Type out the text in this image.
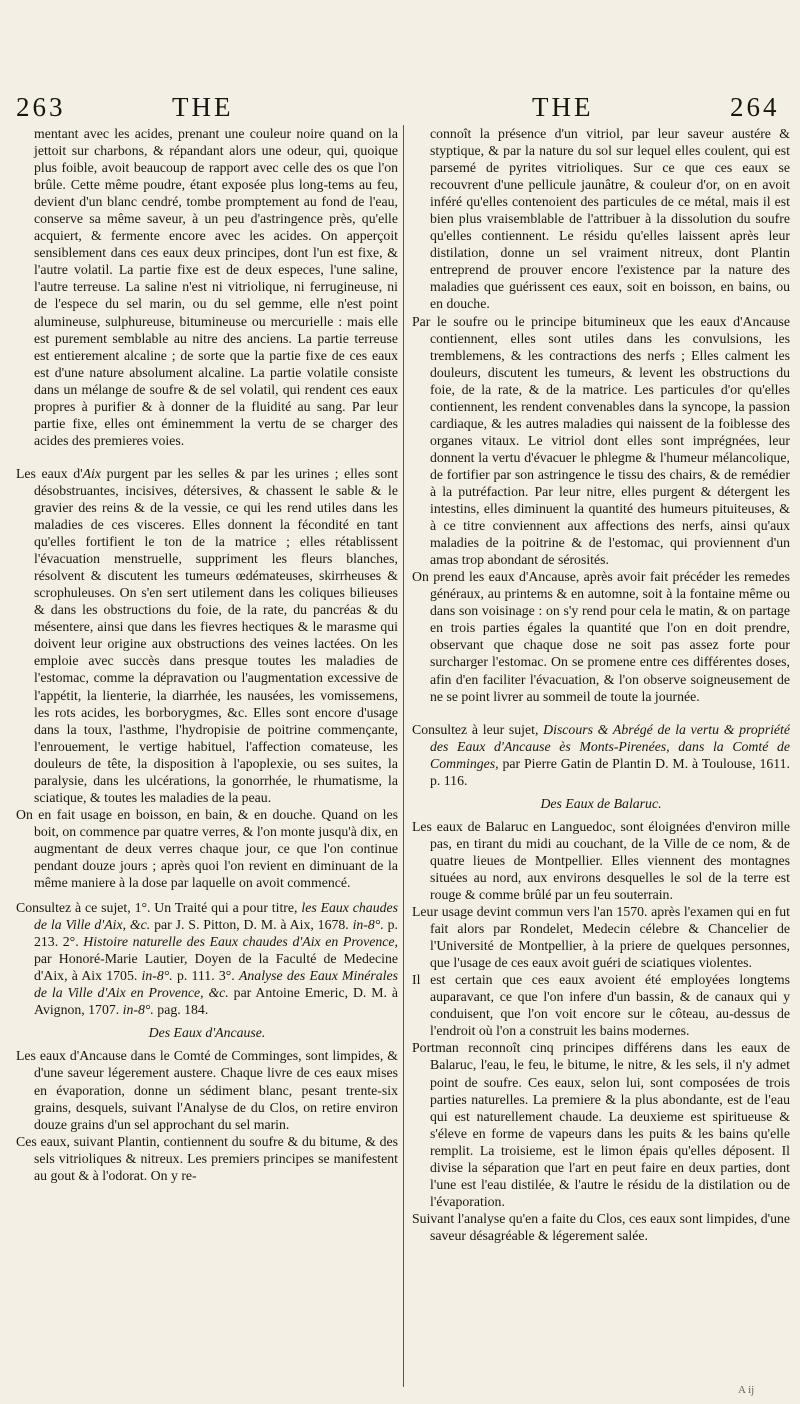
263	THE	THE	264

mentant avec les acides, prenant une couleur noire quand on la jettoit sur charbons, & répandant alors une odeur, qui, quoique plus foible, avoit beaucoup de rapport avec celle des os que l'on brûle. Cette même poudre, étant exposée plus long-tems au feu, devient d'un blanc cendré, tombe promptement au fond de l'eau, conserve sa même saveur, à un peu d'astringence près, qu'elle acquiert, & fermente encore avec les acides. On apperçoit sensiblement dans ces eaux deux principes, dont l'un est fixe, & l'autre volatil. La partie fixe est de deux especes, l'une saline, l'autre terreuse. La saline n'est ni vitriolique, ni ferrugineuse, ni de l'espece du sel marin, ou du sel gemme, elle n'est point alumineuse, sulphureuse, bitumineuse ou mercurielle : mais elle est purement semblable au nitre des anciens. La partie terreuse est entierement alcaline ; de sorte que la partie fixe de ces eaux est d'une nature absolument alcaline. La partie volatile consiste dans un mélange de soufre & de sel volatil, qui rendent ces eaux propres à purifier & à donner de la fluidité au sang. Par leur partie fixe, elles ont éminemment la vertu de se charger des acides des premieres voies.

Les eaux d'Aix purgent par les selles & par les urines ; elles sont désobstruantes, incisives, détersives, & chassent le sable & le gravier des reins & de la vessie, ce qui les rend utiles dans les maladies de ces visceres. Elles donnent la fécondité en tant qu'elles fortifient le ton de la matrice ; elles rétablissent l'évacuation menstruelle, suppriment les fleurs blanches, résolvent & discutent les tumeurs œdémateuses, skirrheuses & scrophuleuses. On s'en sert utilement dans les coliques bilieuses & dans les obstructions du foie, de la rate, du pancréas & du mésentere, ainsi que dans les fievres hectiques & le marasme qui doivent leur origine aux obstructions des veines lactées. On les emploie avec succès dans presque toutes les maladies de l'estomac, comme la dépravation ou l'augmentation excessive de l'appétit, la lienterie, la diarrhée, les nausées, les vomissemens, les rots acides, les borborygmes, &c. Elles sont encore d'usage dans la toux, l'asthme, l'hydropisie de poitrine commençante, l'enrouement, le vertige habituel, l'affection comateuse, les douleurs de tête, la disposition à l'apoplexie, ou ses suites, la paralysie, dans les ulcérations, la gonorrhée, le rhumatisme, la sciatique, & toutes les maladies de la peau.

On en fait usage en boisson, en bain, & en douche. Quand on les boit, on commence par quatre verres, & l'on monte jusqu'à dix, en augmentant de deux verres chaque jour, ce que l'on continue pendant douze jours ; après quoi l'on revient en diminuant de la même maniere à la dose par laquelle on avoit commencé.

Consultez à ce sujet, 1°. Un Traité qui a pour titre, les Eaux chaudes de la Ville d'Aix, &c. par J. S. Pitton, D. M. à Aix, 1678. in-8°. p. 213. 2°. Histoire naturelle des Eaux chaudes d'Aix en Provence, par Honoré-Marie Lautier, Doyen de la Faculté de Medecine d'Aix, à Aix 1705. in-8°. p. 111. 3°. Analyse des Eaux Minérales de la Ville d'Aix en Provence, &c. par Antoine Emeric, D. M. à Avignon, 1707. in-8°. pag. 184.

Des Eaux d'Ancause.

Les eaux d'Ancause dans le Comté de Comminges, sont limpides, & d'une saveur légerement austere. Chaque livre de ces eaux mises en évaporation, donne un sédiment blanc, pesant trente-six grains, desquels, suivant l'Analyse de du Clos, on retire environ douze grains d'un sel approchant du sel marin.

Ces eaux, suivant Plantin, contiennent du soufre & du bitume, & des sels vitrioliques & nitreux. Les premiers principes se manifestent au gout & à l'odorat. On y re-

connoît la présence d'un vitriol, par leur saveur austére & styptique, & par la nature du sol sur lequel elles coulent, qui est parsemé de pyrites vitrioliques. Sur ce que ces eaux se recouvrent d'une pellicule jaunâtre, & couleur d'or, on en avoit inféré qu'elles contenoient des particules de ce métal, mais il est bien plus vraisemblable de l'attribuer à la dissolution du soufre qu'elles contiennent. Le résidu qu'elles laissent après leur distilation, donne un sel vraiment nitreux, dont Plantin entreprend de prouver encore l'existence par la nature des maladies que guérissent ces eaux, soit en boisson, en bains, ou en douche.

Par le soufre ou le principe bitumineux que les eaux d'Ancause contiennent, elles sont utiles dans les convulsions, les tremblemens, & les contractions des nerfs ; Elles calment les douleurs, discutent les tumeurs, & levent les obstructions du foie, de la rate, & de la matrice. Les particules d'or qu'elles contiennent, les rendent convenables dans la syncope, la passion cardiaque, & les autres maladies qui naissent de la foiblesse des organes vitaux. Le vitriol dont elles sont imprégnées, leur donnent la vertu d'évacuer le phlegme & l'humeur mélancolique, de fortifier par son astringence le tissu des chairs, & de remédier à la putréfaction. Par leur nitre, elles purgent & détergent les intestins, elles diminuent la quantité des humeurs pituiteuses, & à ce titre conviennent aux affections des nerfs, ainsi qu'aux maladies de la poitrine & de l'estomac, qui proviennent d'un amas trop abondant de sérosités.

On prend les eaux d'Ancause, après avoir fait précéder les remedes généraux, au printems & en automne, soit à la fontaine même ou dans son voisinage : on s'y rend pour cela le matin, & on partage en trois parties égales la quantité que l'on en doit prendre, observant que chaque dose ne soit pas assez forte pour surcharger l'estomac. On se promene entre ces différentes doses, afin d'en faciliter l'évacuation, & l'on observe soigneusement de ne se point livrer au sommeil de toute la journée.

Consultez à leur sujet, Discours & Abrégé de la vertu & propriété des Eaux d'Ancause ès Monts-Pirenées, dans la Comté de Comminges, par Pierre Gatin de Plantin D. M. à Toulouse, 1611. p. 116.

Des Eaux de Balaruc.

Les eaux de Balaruc en Languedoc, sont éloignées d'environ mille pas, en tirant du midi au couchant, de la Ville de ce nom, & de quatre lieues de Montpellier. Elles viennent des montagnes situées au nord, aux environs desquelles le sol de la terre est rouge & comme brûlé par un feu souterrain.

Leur usage devint commun vers l'an 1570. après l'examen qui en fut fait alors par Rondelet, Medecin célebre & Chancelier de l'Université de Montpellier, à la priere de quelques personnes, que l'usage de ces eaux avoit guéri de sciatiques violentes.

Il est certain que ces eaux avoient été employées longtems auparavant, ce que l'on infere d'un bassin, & de canaux qui y conduisent, que l'on voit encore sur le côteau, au-dessus de l'endroit où l'on a construit les bains modernes.

Portman reconnoît cinq principes différens dans les eaux de Balaruc, l'eau, le feu, le bitume, le nitre, & les sels, il n'y admet point de soufre. Ces eaux, selon lui, sont composées de trois parties naturelles. La premiere & la plus abondante, est de l'eau qui est naturellement chaude. La deuxieme est spiritueuse & s'éleve en forme de vapeurs dans les puits & les bains qu'elle remplit. La troisieme, est le limon épais qu'elles déposent. Il divise la séparation que l'art en peut faire en deux parties, dont l'une est l'eau distilée, & l'autre le résidu de la distilation ou de l'évaporation.

Suivant l'analyse qu'en a faite du Clos, ces eaux sont limpides, d'une saveur désagréable & légerement salée.

A ij
